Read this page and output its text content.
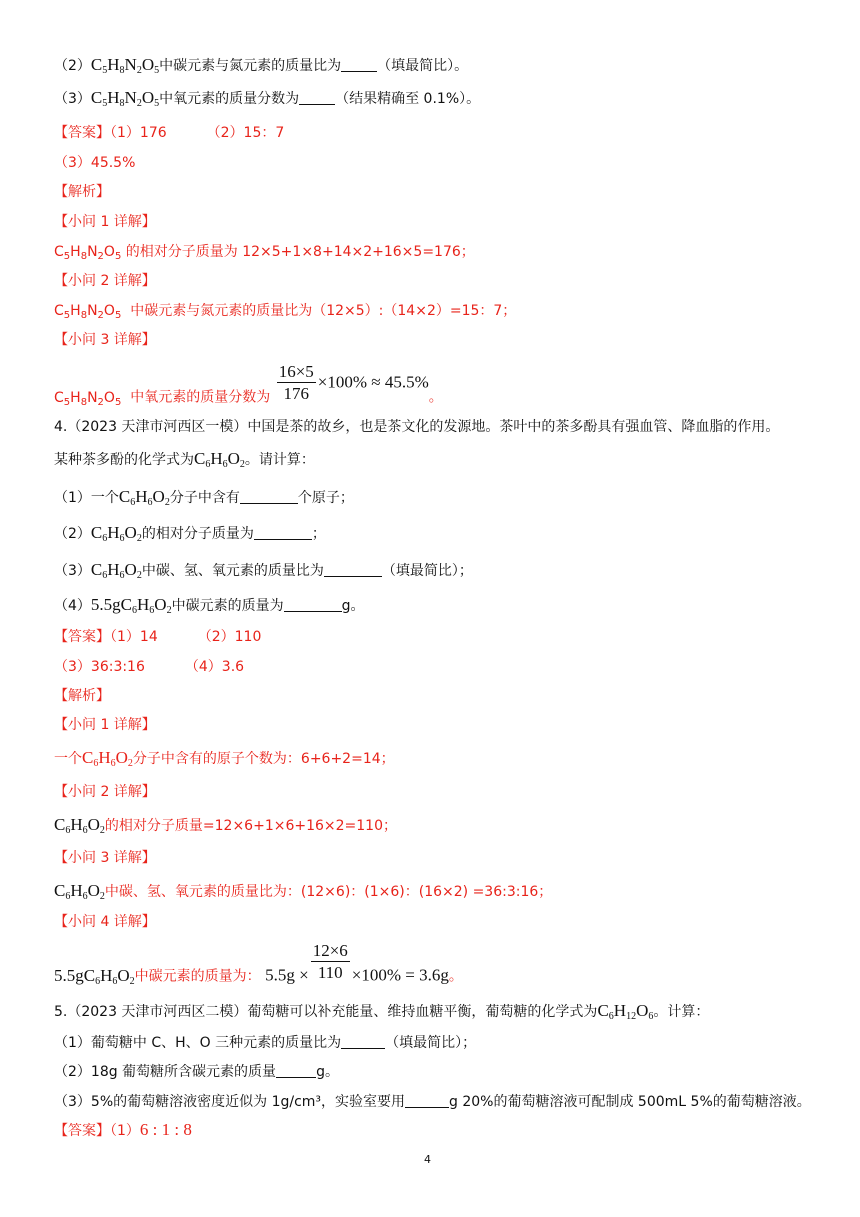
$(2)C_5H_8N_2O_5$中碳元素与氮元素的质量比为	（填最简比）。
$(3)C_5H_8N_2O_5$中氧元素的质量分数为	（结果精确至 0.1%）。
【答案】（1）176	（2）15：7
（3）45.5%
【解析】
【小问 1 详解】
$C_5H_8N_2O_5$ 的相对分子质量为 12×5+1×8+14×2+16×5=176；
【小问 2 详解】
$C_5H_8N_2O_5$ 中碳元素与氮元素的质量比为（12×5）:（14×2）=15：7；
【小问 3 详解】
$C_5H_8N_2O_5$ 中氧元素的质量分数为 $\frac{16\times 5}{176} \times 100\% \approx 45.5\%$。
4.（2023 天津市河西区一模）中国是茶的故乡，也是茶文化的发源地。茶叶中的茶多酚具有强血管、降血脂的作用。
某种茶多酚的化学式为$C_6H_6O_2$。请计算：
（1）一个$C_6H_6O_2$分子中含有	个原子；
$(2)C_6H_6O_2$的相对分子质量为	；
$(3)C_6H_6O_2$中碳、氢、氧元素的质量比为	（填最简比）；
$(4)5.5gC_6H_6O_2$中碳元素的质量为	g。
【答案】（1）14	（2）110
（3）36:3:16	（4）3.6
【解析】
【小问 1 详解】
一个$C_6H_6O_2$分子中含有的原子个数为：6+6+2=14；
【小问 2 详解】
$C_6H_6O_2$的相对分子质量=12×6+1×6+16×2=110；
【小问 3 详解】
$C_6H_6O_2$中碳、氢、氧元素的质量比为：(12×6)：(1×6)：(16×2) =36:3:16；
【小问 4 详解】
$5.5gC_6H_6O_2$中碳元素的质量为： $5.5g \times \frac{12\times 6}{110} \times 100\% = 3.6g$。
5.（2023 天津市河西区二模）葡萄糖可以补充能量、维持血糖平衡，葡萄糖的化学式为$C_6H_{12}O_6$。计算：
（1）葡萄糖中 C、H、O 三种元素的质量比为	（填最简比）；
（2）18g 葡萄糖所含碳元素的质量	g。
（3）5%的葡萄糖溶液密度近似为 1g/cm³，实验室要用	g 20%的葡萄糖溶液可配制成 500mL 5%的葡萄糖溶液。
【答案】（1）6 : 1 : 8
4
